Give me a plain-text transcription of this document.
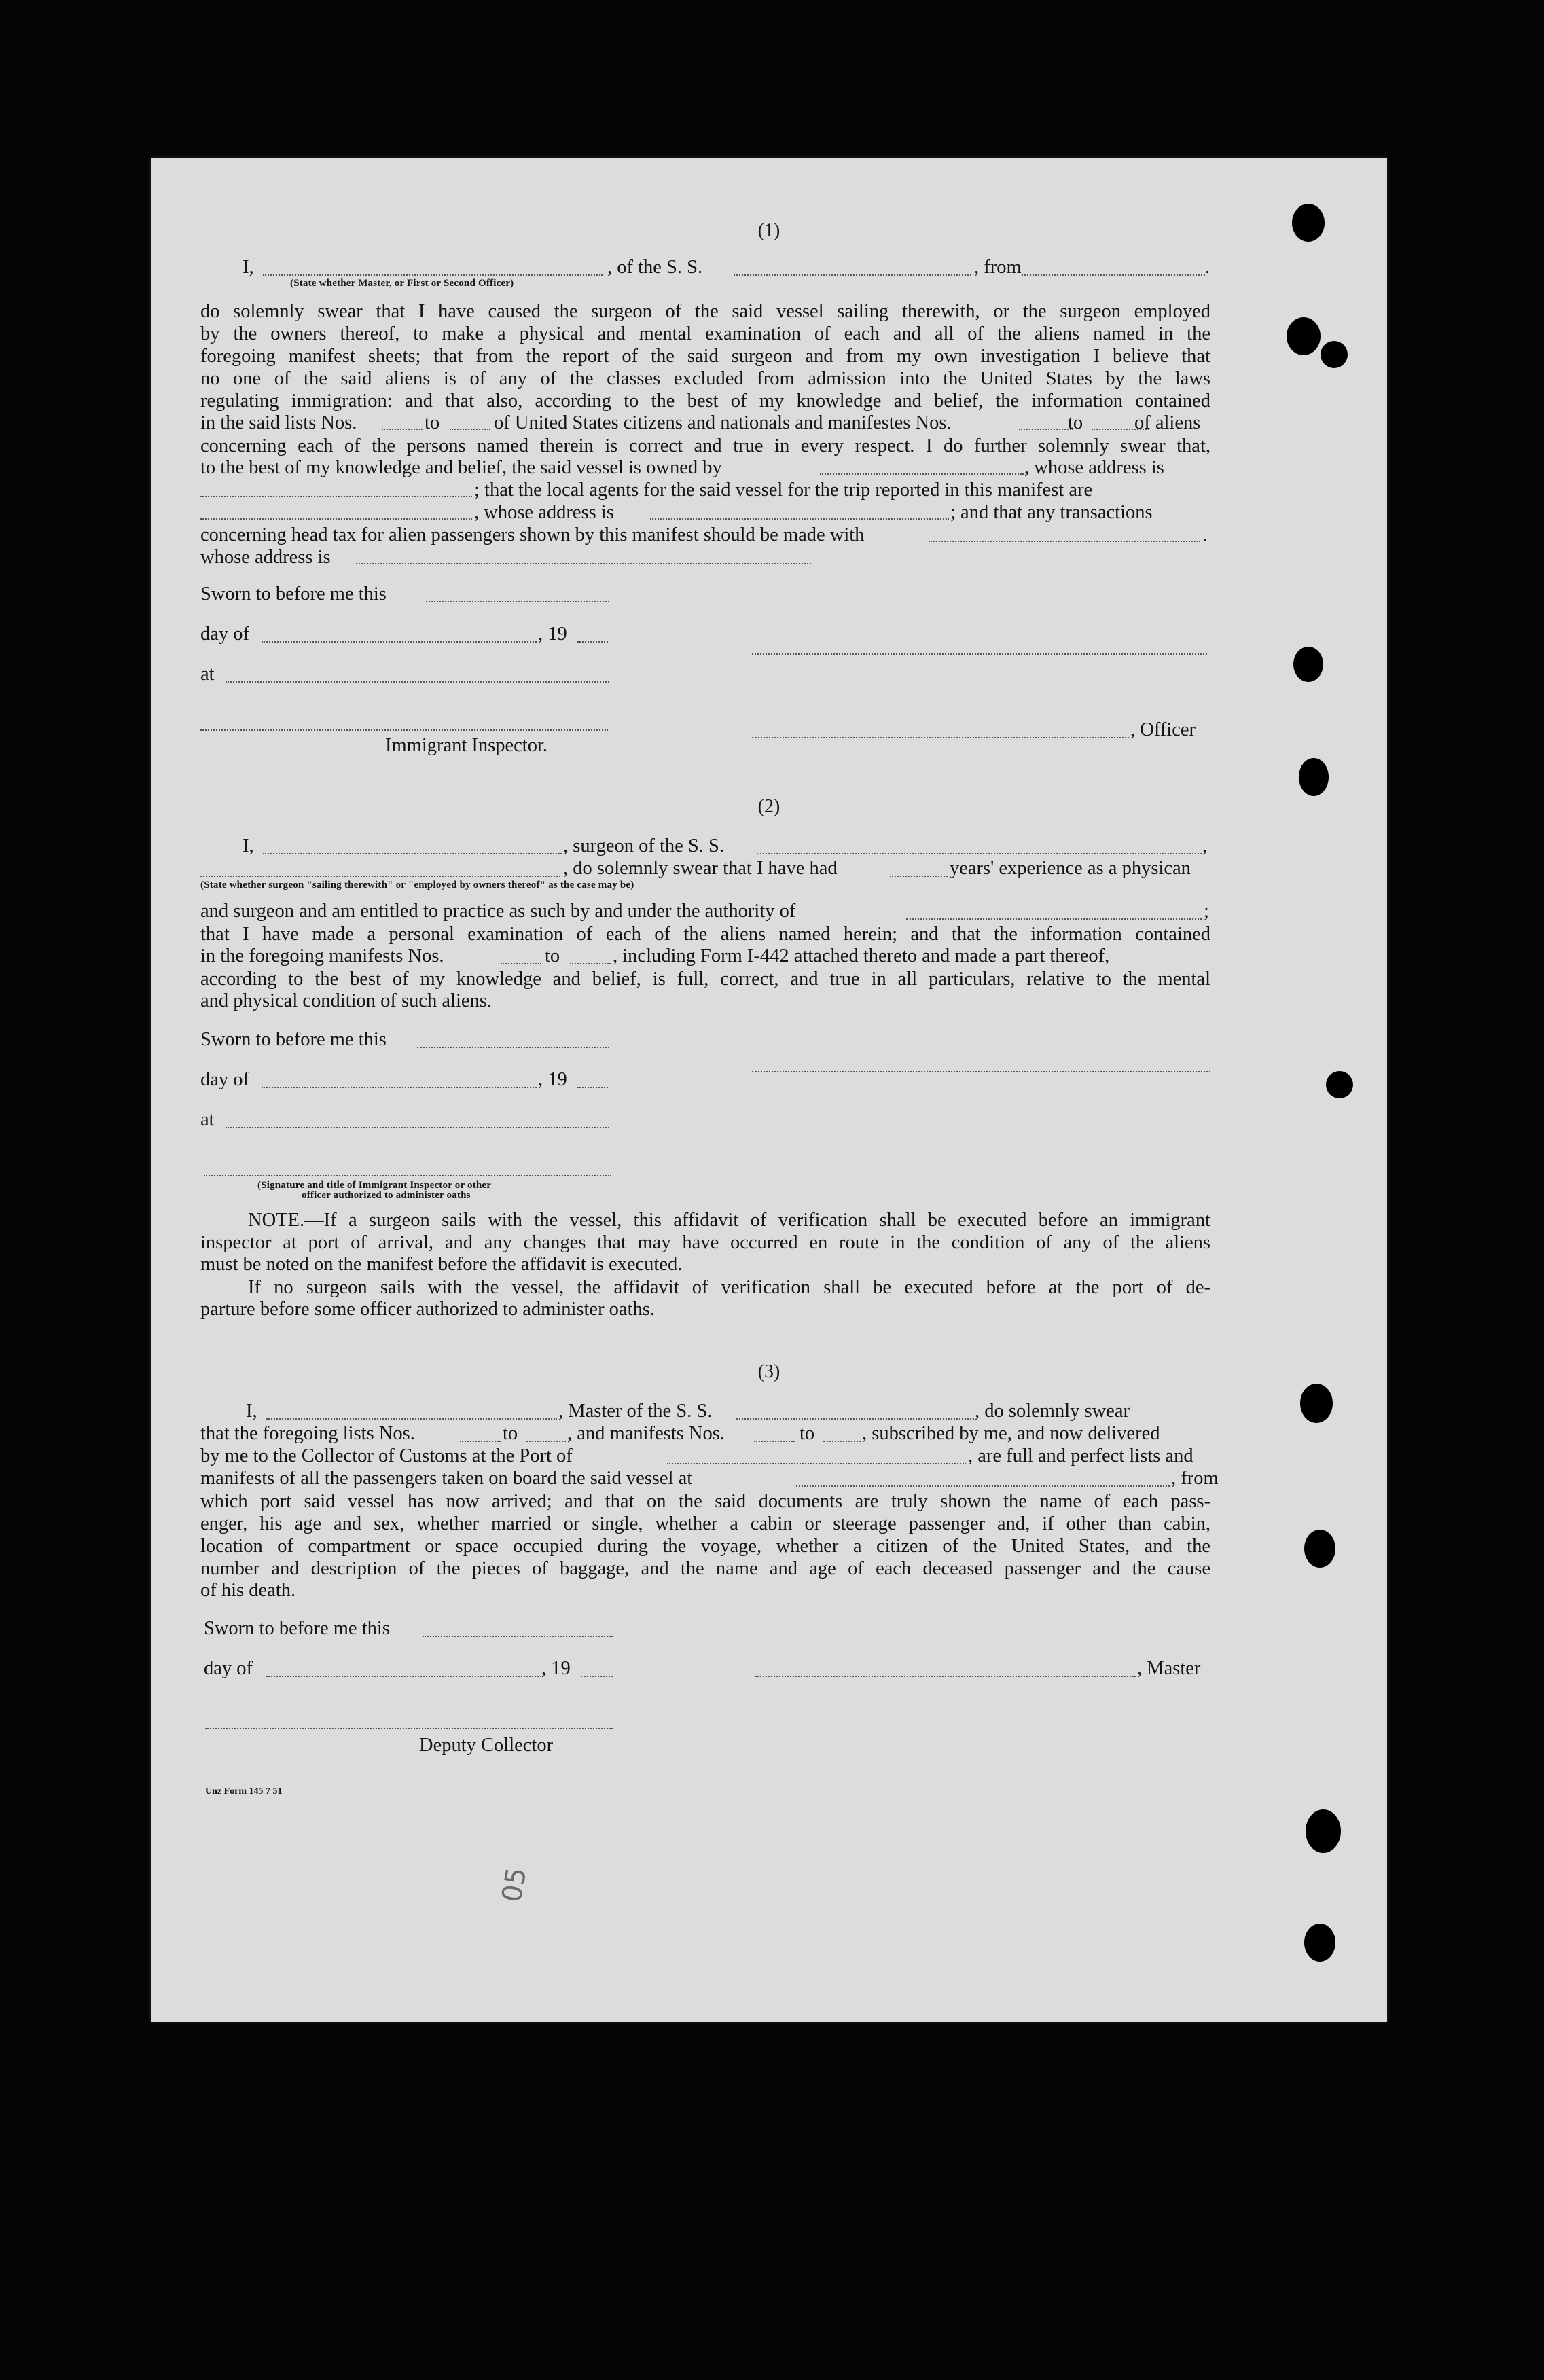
(1)
I,	, of the S. S.	, from	.
(State whether Master, or First or Second Officer)
do solemnly swear that I have caused the surgeon of the said vessel sailing therewith, or the surgeon employed
by the owners thereof, to make a physical and mental examination of each and all of the aliens named in the
foregoing manifest sheets; that from the report of the said surgeon and from my own investigation I believe that
no one of the said aliens is of any of the classes excluded from admission into the United States by the laws
regulating immigration: and that also, according to the best of my knowledge and belief, the information contained
in the said lists Nos.	to	of United States citizens and nationals and manifestes Nos.	to	of aliens
concerning each of the persons named therein is correct and true in every respect. I do further solemnly swear that,
to the best of my knowledge and belief, the said vessel is owned by	, whose address is
; that the local agents for the said vessel for the trip reported in this manifest are
, whose address is	; and that any transactions
concerning head tax for alien passengers shown by this manifest should be made with	.
whose address is
Sworn to before me this
day of	, 19
at
Immigrant Inspector.
, Officer
(2)
I,	, surgeon of the S. S.	,
, do solemnly swear that I have had	years' experience as a physican
(State whether surgeon "sailing therewith" or "employed by owners thereof" as the case may be)
and surgeon and am entitled to practice as such by and under the authority of	;
that I have made a personal examination of each of the aliens named herein; and that the information contained
in the foregoing manifests Nos.	to	, including Form I-442 attached thereto and made a part thereof,
according to the best of my knowledge and belief, is full, correct, and true in all particulars, relative to the mental
and physical condition of such aliens.
Sworn to before me this
day of	, 19
at
(Signature and title of Immigrant Inspector or other
officer authorized to administer oaths
NOTE.—If a surgeon sails with the vessel, this affidavit of verification shall be executed before an immigrant
inspector at port of arrival, and any changes that may have occurred en route in the condition of any of the aliens
must be noted on the manifest before the affidavit is executed.
If no surgeon sails with the vessel, the affidavit of verification shall be executed before at the port of de-
parture before some officer authorized to administer oaths.
(3)
I,	, Master of the S. S.	, do solemnly swear
that the foregoing lists Nos.	to	, and manifests Nos.	to , subscribed by me, and now delivered
by me to the Collector of Customs at the Port of	, are full and perfect lists and
manifests of all the passengers taken on board the said vessel at	, from
which port said vessel has now arrived; and that on the said documents are truly shown the name of each pass-
enger, his age and sex, whether married or single, whether a cabin or steerage passenger and, if other than cabin,
location of compartment or space occupied during the voyage, whether a citizen of the United States, and the
number and description of the pieces of baggage, and the name and age of each deceased passenger and the cause
of his death.
Sworn to before me this
day of	, 19	, Master
Deputy Collector
Unz Form 145 7 51
05
